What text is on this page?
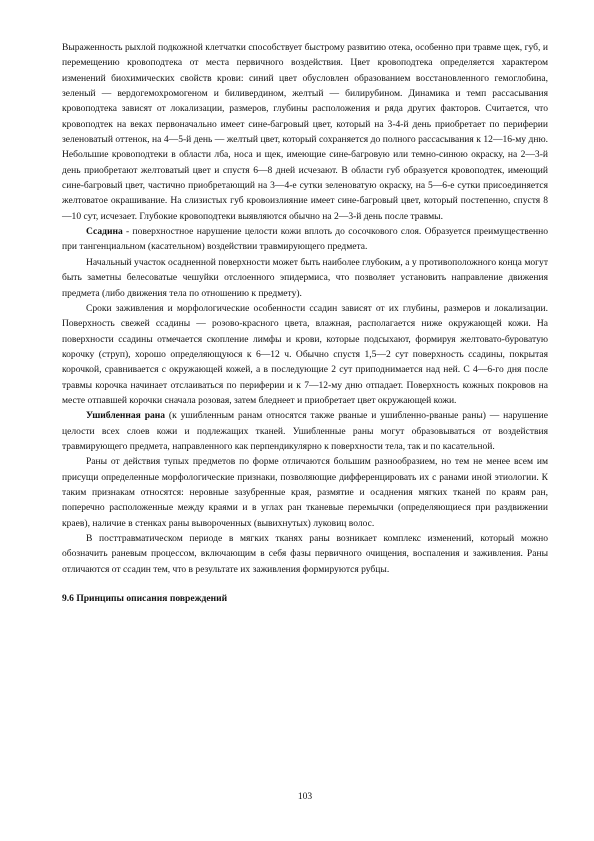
Выраженность рыхлой подкожной клетчатки способствует быстрому развитию отека, особенно при травме щек, губ, и перемещению кровоподтека от места первичного воздействия. Цвет кровоподтека определяется характером изменений биохимических свойств крови: синий цвет обусловлен образованием восстановленного гемоглобина, зеленый — вердогемохромогеном и биливердином, желтый — билирубином. Динамика и темп рассасывания кровоподтека зависят от локализации, размеров, глубины расположения и ряда других факторов. Считается, что кровоподтек на веках первоначально имеет сине-багровый цвет, который на 3-4-й день приобретает по периферии зеленоватый оттенок, на 4—5-й день — желтый цвет, который сохраняется до полного рассасывания к 12—16-му дню. Небольшие кровоподтеки в области лба, носа и щек, имеющие сине-багровую или темно-синюю окраску, на 2—3-й день приобретают желтоватый цвет и спустя 6—8 дней исчезают. В области губ образуется кровоподтек, имеющий сине-багровый цвет, частично приобретающий на 3—4-е сутки зеленоватую окраску, на 5—6-е сутки присоединяется желтоватое окрашивание. На слизистых губ кровоизлияние имеет сине-багровый цвет, который постепенно, спустя 8—10 сут, исчезает. Глубокие кровоподтеки выявляются обычно на 2—3-й день после травмы.

Ссадина - поверхностное нарушение целости кожи вплоть до сосочкового слоя. Образуется преимущественно при тангенциальном (касательном) воздействии травмирующего предмета.

Начальный участок осадненной поверхности может быть наиболее глубоким, а у противоположного конца могут быть заметны белесоватые чешуйки отслоенного эпидермиса, что позволяет установить направление движения предмета (либо движения тела по отношению к предмету).

Сроки заживления и морфологические особенности ссадин зависят от их глубины, размеров и локализации. Поверхность свежей ссадины — розово-красного цвета, влажная, располагается ниже окружающей кожи. На поверхности ссадины отмечается скопление лимфы и крови, которые подсыхают, формируя желтовато-буроватую корочку (струп), хорошо определяющуюся к 6—12 ч. Обычно спустя 1,5—2 сут поверхность ссадины, покрытая корочкой, сравнивается с окружающей кожей, а в последующие 2 сут приподнимается над ней. С 4—6-го дня после травмы корочка начинает отслаиваться по периферии и к 7—12-му дню отпадает. Поверхность кожных покровов на месте отпавшей корочки сначала розовая, затем бледнеет и приобретает цвет окружающей кожи.

Ушибленная рана (к ушибленным ранам относятся также рваные и ушибленно-рваные раны) — нарушение целости всех слоев кожи и подлежащих тканей. Ушибленные раны могут образовываться от воздействия травмирующего предмета, направленного как перпендикулярно к поверхности тела, так и по касательной.

Раны от действия тупых предметов по форме отличаются большим разнообразием, но тем не менее всем им присущи определенные морфологические признаки, позволяющие дифференцировать их с ранами иной этиологии. К таким признакам относятся: неровные зазубренные края, размятие и осаднения мягких тканей по краям ран, поперечно расположенные между краями и в углах ран тканевые перемычки (определяющиеся при раздвижении краев), наличие в стенках раны вывороченных (вывихнутых) луковиц волос.

В посттравматическом периоде в мягких тканях раны возникает комплекс изменений, который можно обозначить раневым процессом, включающим в себя фазы первичного очищения, воспаления и заживления. Раны отличаются от ссадин тем, что в результате их заживления формируются рубцы.

9.6 Принципы описания повреждений

103
